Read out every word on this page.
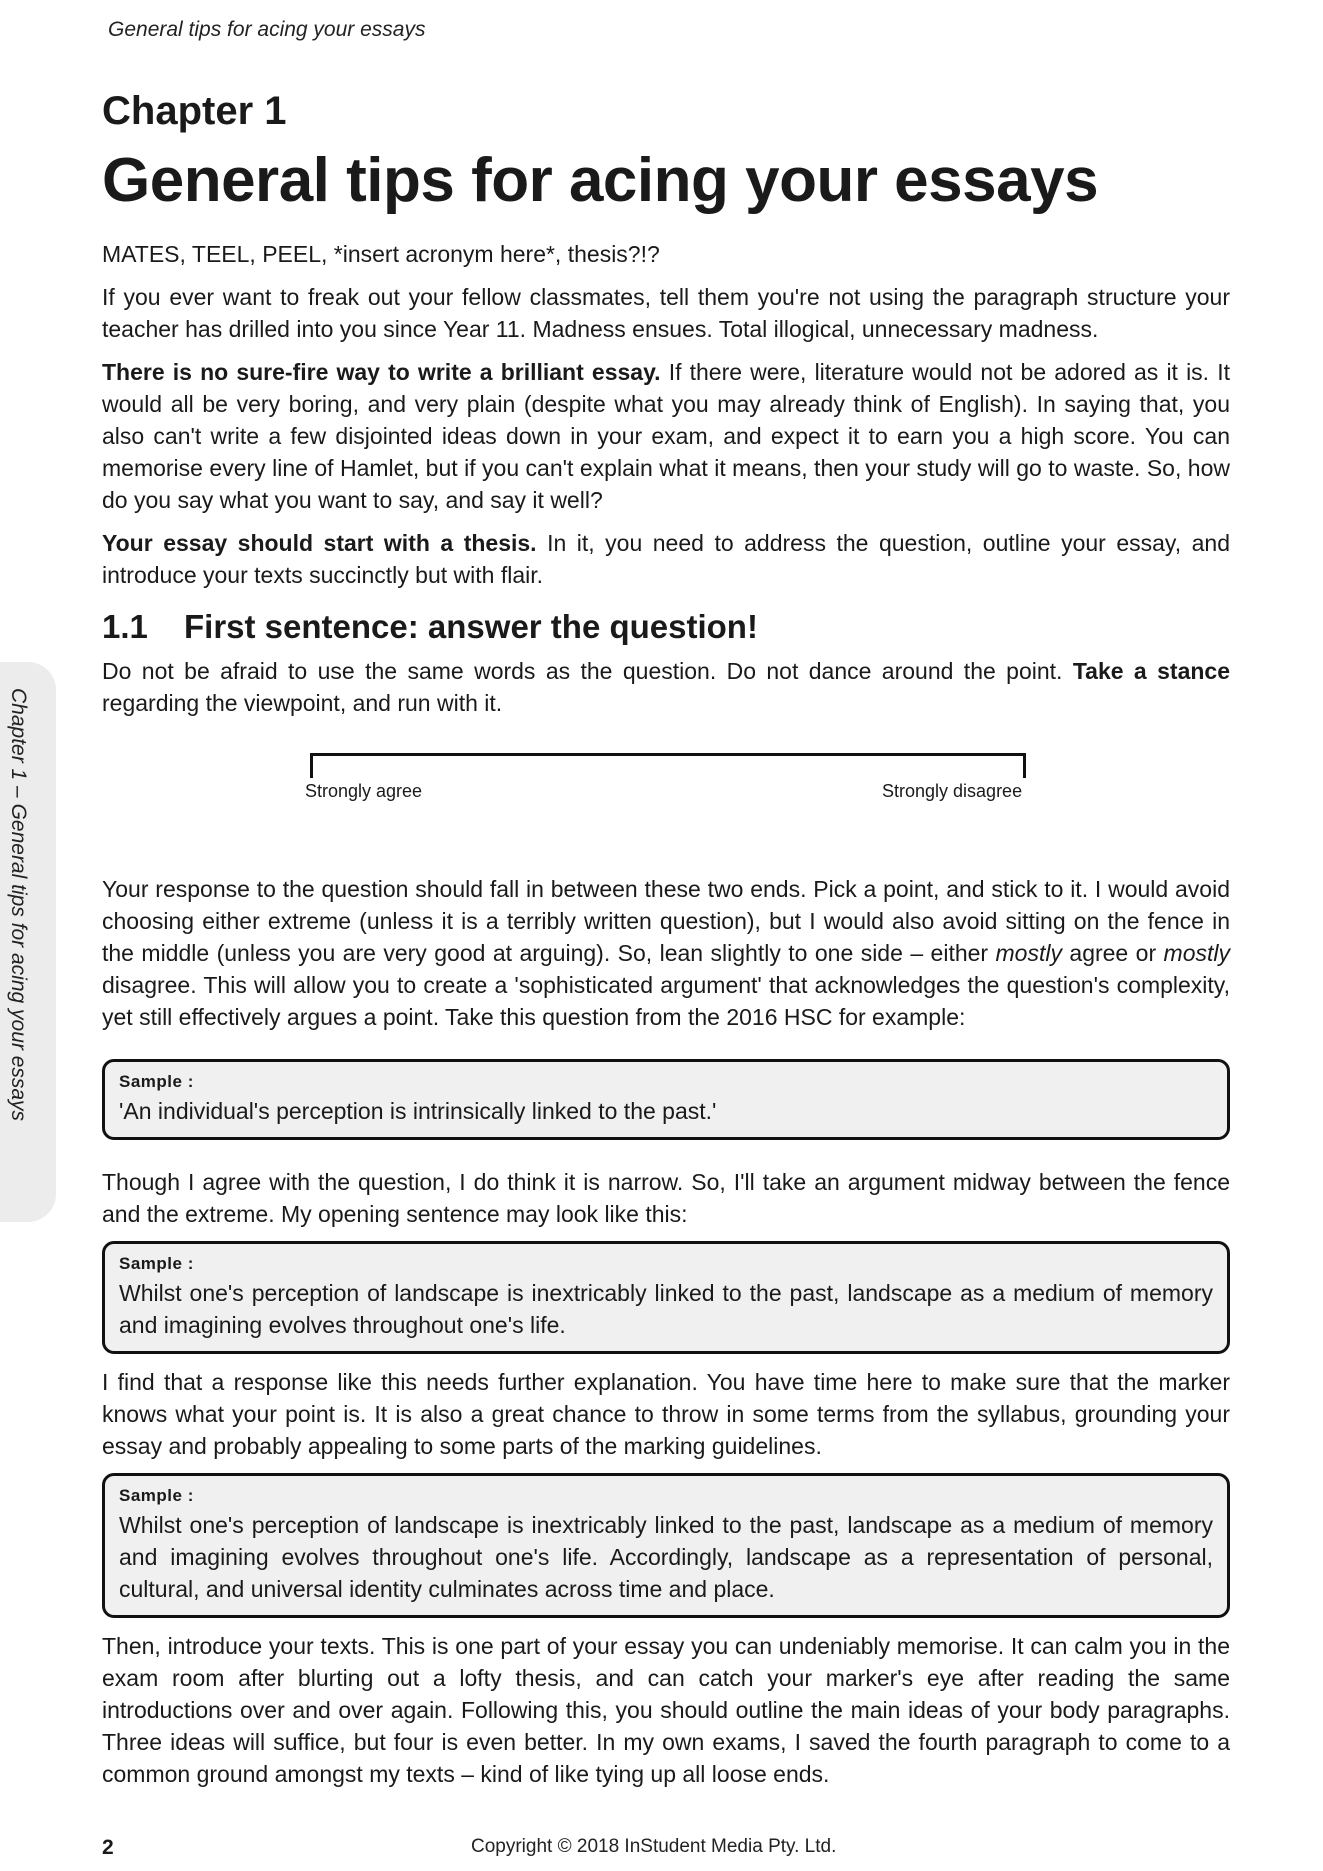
General tips for acing your essays
Chapter 1 – General tips for acing your essays
Chapter 1
General tips for acing your essays

MATES, TEEL, PEEL, *insert acronym here*, thesis?!?

If you ever want to freak out your fellow classmates, tell them you're not using the paragraph structure your teacher has drilled into you since Year 11. Madness ensues. Total illogical, unnecessary madness.

There is no sure-fire way to write a brilliant essay. If there were, literature would not be adored as it is. It would all be very boring, and very plain (despite what you may already think of English). In saying that, you also can't write a few disjointed ideas down in your exam, and expect it to earn you a high score. You can memorise every line of Hamlet, but if you can't explain what it means, then your study will go to waste. So, how do you say what you want to say, and say it well?

Your essay should start with a thesis. In it, you need to address the question, outline your essay, and introduce your texts succinctly but with flair.

1.1 First sentence: answer the question!

Do not be afraid to use the same words as the question. Do not dance around the point. Take a stance regarding the viewpoint, and run with it.

Strongly agree	Strongly disagree

Your response to the question should fall in between these two ends. Pick a point, and stick to it. I would avoid choosing either extreme (unless it is a terribly written question), but I would also avoid sitting on the fence in the middle (unless you are very good at arguing). So, lean slightly to one side – either mostly agree or mostly disagree. This will allow you to create a 'sophisticated argument' that acknowledges the question's complexity, yet still effectively argues a point. Take this question from the 2016 HSC for example:

Sample :

'An individual's perception is intrinsically linked to the past.'

Though I agree with the question, I do think it is narrow. So, I'll take an argument midway between the fence and the extreme. My opening sentence may look like this:

Sample :

Whilst one's perception of landscape is inextricably linked to the past, landscape as a medium of memory and imagining evolves throughout one's life.

I find that a response like this needs further explanation. You have time here to make sure that the marker knows what your point is. It is also a great chance to throw in some terms from the syllabus, grounding your essay and probably appealing to some parts of the marking guidelines.

Sample :

Whilst one's perception of landscape is inextricably linked to the past, landscape as a medium of memory and imagining evolves throughout one's life. Accordingly, landscape as a representation of personal, cultural, and universal identity culminates across time and place.

Then, introduce your texts. This is one part of your essay you can undeniably memorise. It can calm you in the exam room after blurting out a lofty thesis, and can catch your marker's eye after reading the same introductions over and over again. Following this, you should outline the main ideas of your body paragraphs. Three ideas will suffice, but four is even better. In my own exams, I saved the fourth paragraph to come to a common ground amongst my texts – kind of like tying up all loose ends.

2	Copyright © 2018 InStudent Media Pty. Ltd.
